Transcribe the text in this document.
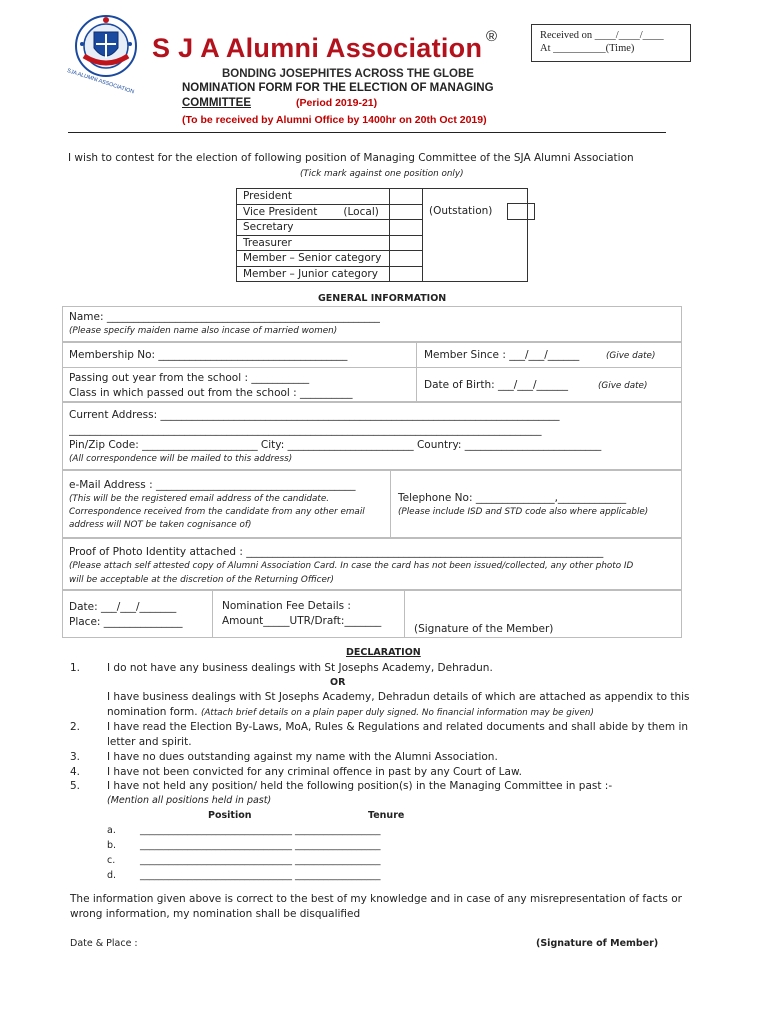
SJA ALUMNI ASSOCIATION
S J A Alumni Association ®	Received on ____/____/____
At __________(Time)
BONDING JOSEPHITES ACROSS THE GLOBE
NOMINATION FORM FOR THE ELECTION OF MANAGING
COMMITTEE	(Period 2019-21)
(To be received by Alumni Office by 1400hr on 20th Oct 2019)
I wish to contest for the election of following position of Managing Committee of the SJA Alumni Association
(Tick mark against one position only)
President		(Outstation)
Vice President (Local)		
Secretary		
Treasurer		
Member – Senior category		
Member – Junior category		
GENERAL INFORMATION
Name: ____________________________________________________
(Please specify maiden name also incase of married women)
Membership No: ____________________________________	Member Since : ___/___/______	(Give date)
Passing out year from the school : ___________
Class in which passed out from the school : __________
Date of Birth: ___/___/______	(Give date)
Current Address: ____________________________________________________________________________
__________________________________________________________________________________________
Pin/Zip Code: ______________________ City: ________________________ Country: __________________________
(All correspondence will be mailed to this address)
e-Mail Address : ______________________________________
(This will be the registered email address of the candidate.
Correspondence received from the candidate from any other email
address will NOT be taken cognisance of)
Telephone No: _______________,_____________
(Please include ISD and STD code also where applicable)
Proof of Photo Identity attached : ____________________________________________________________________
(Please attach self attested copy of Alumni Association Card. In case the card has not been issued/collected, any other photo ID
will be acceptable at the discretion of the Returning Officer)
Date: ___/___/_______
Place: _______________
Nomination Fee Details :
Amount_____UTR/Draft:_______
(Signature of the Member)
DECLARATION
1.	I do not have any business dealings with St Josephs Academy, Dehradun.
OR
I have business dealings with St Josephs Academy, Dehradun details of which are attached as appendix to this
nomination form. (Attach brief details on a plain paper duly signed. No financial information may be given)
2.	I have read the Election By-Laws, MoA, Rules & Regulations and related documents and shall abide by them in
letter and spirit.
3.	I have no dues outstanding against my name with the Alumni Association.
4.	I have not been convicted for any criminal offence in past by any Court of Law.
5.	I have not held any position/ held the following position(s) in the Managing Committee in past :-
(Mention all positions held in past)
Position	Tenure
a.	________________________________ __________________
b.	________________________________ __________________
c.	________________________________ __________________
d.	________________________________ __________________
The information given above is correct to the best of my knowledge and in case of any misrepresentation of facts or
wrong information, my nomination shall be disqualified
Date & Place :	(Signature of Member)
